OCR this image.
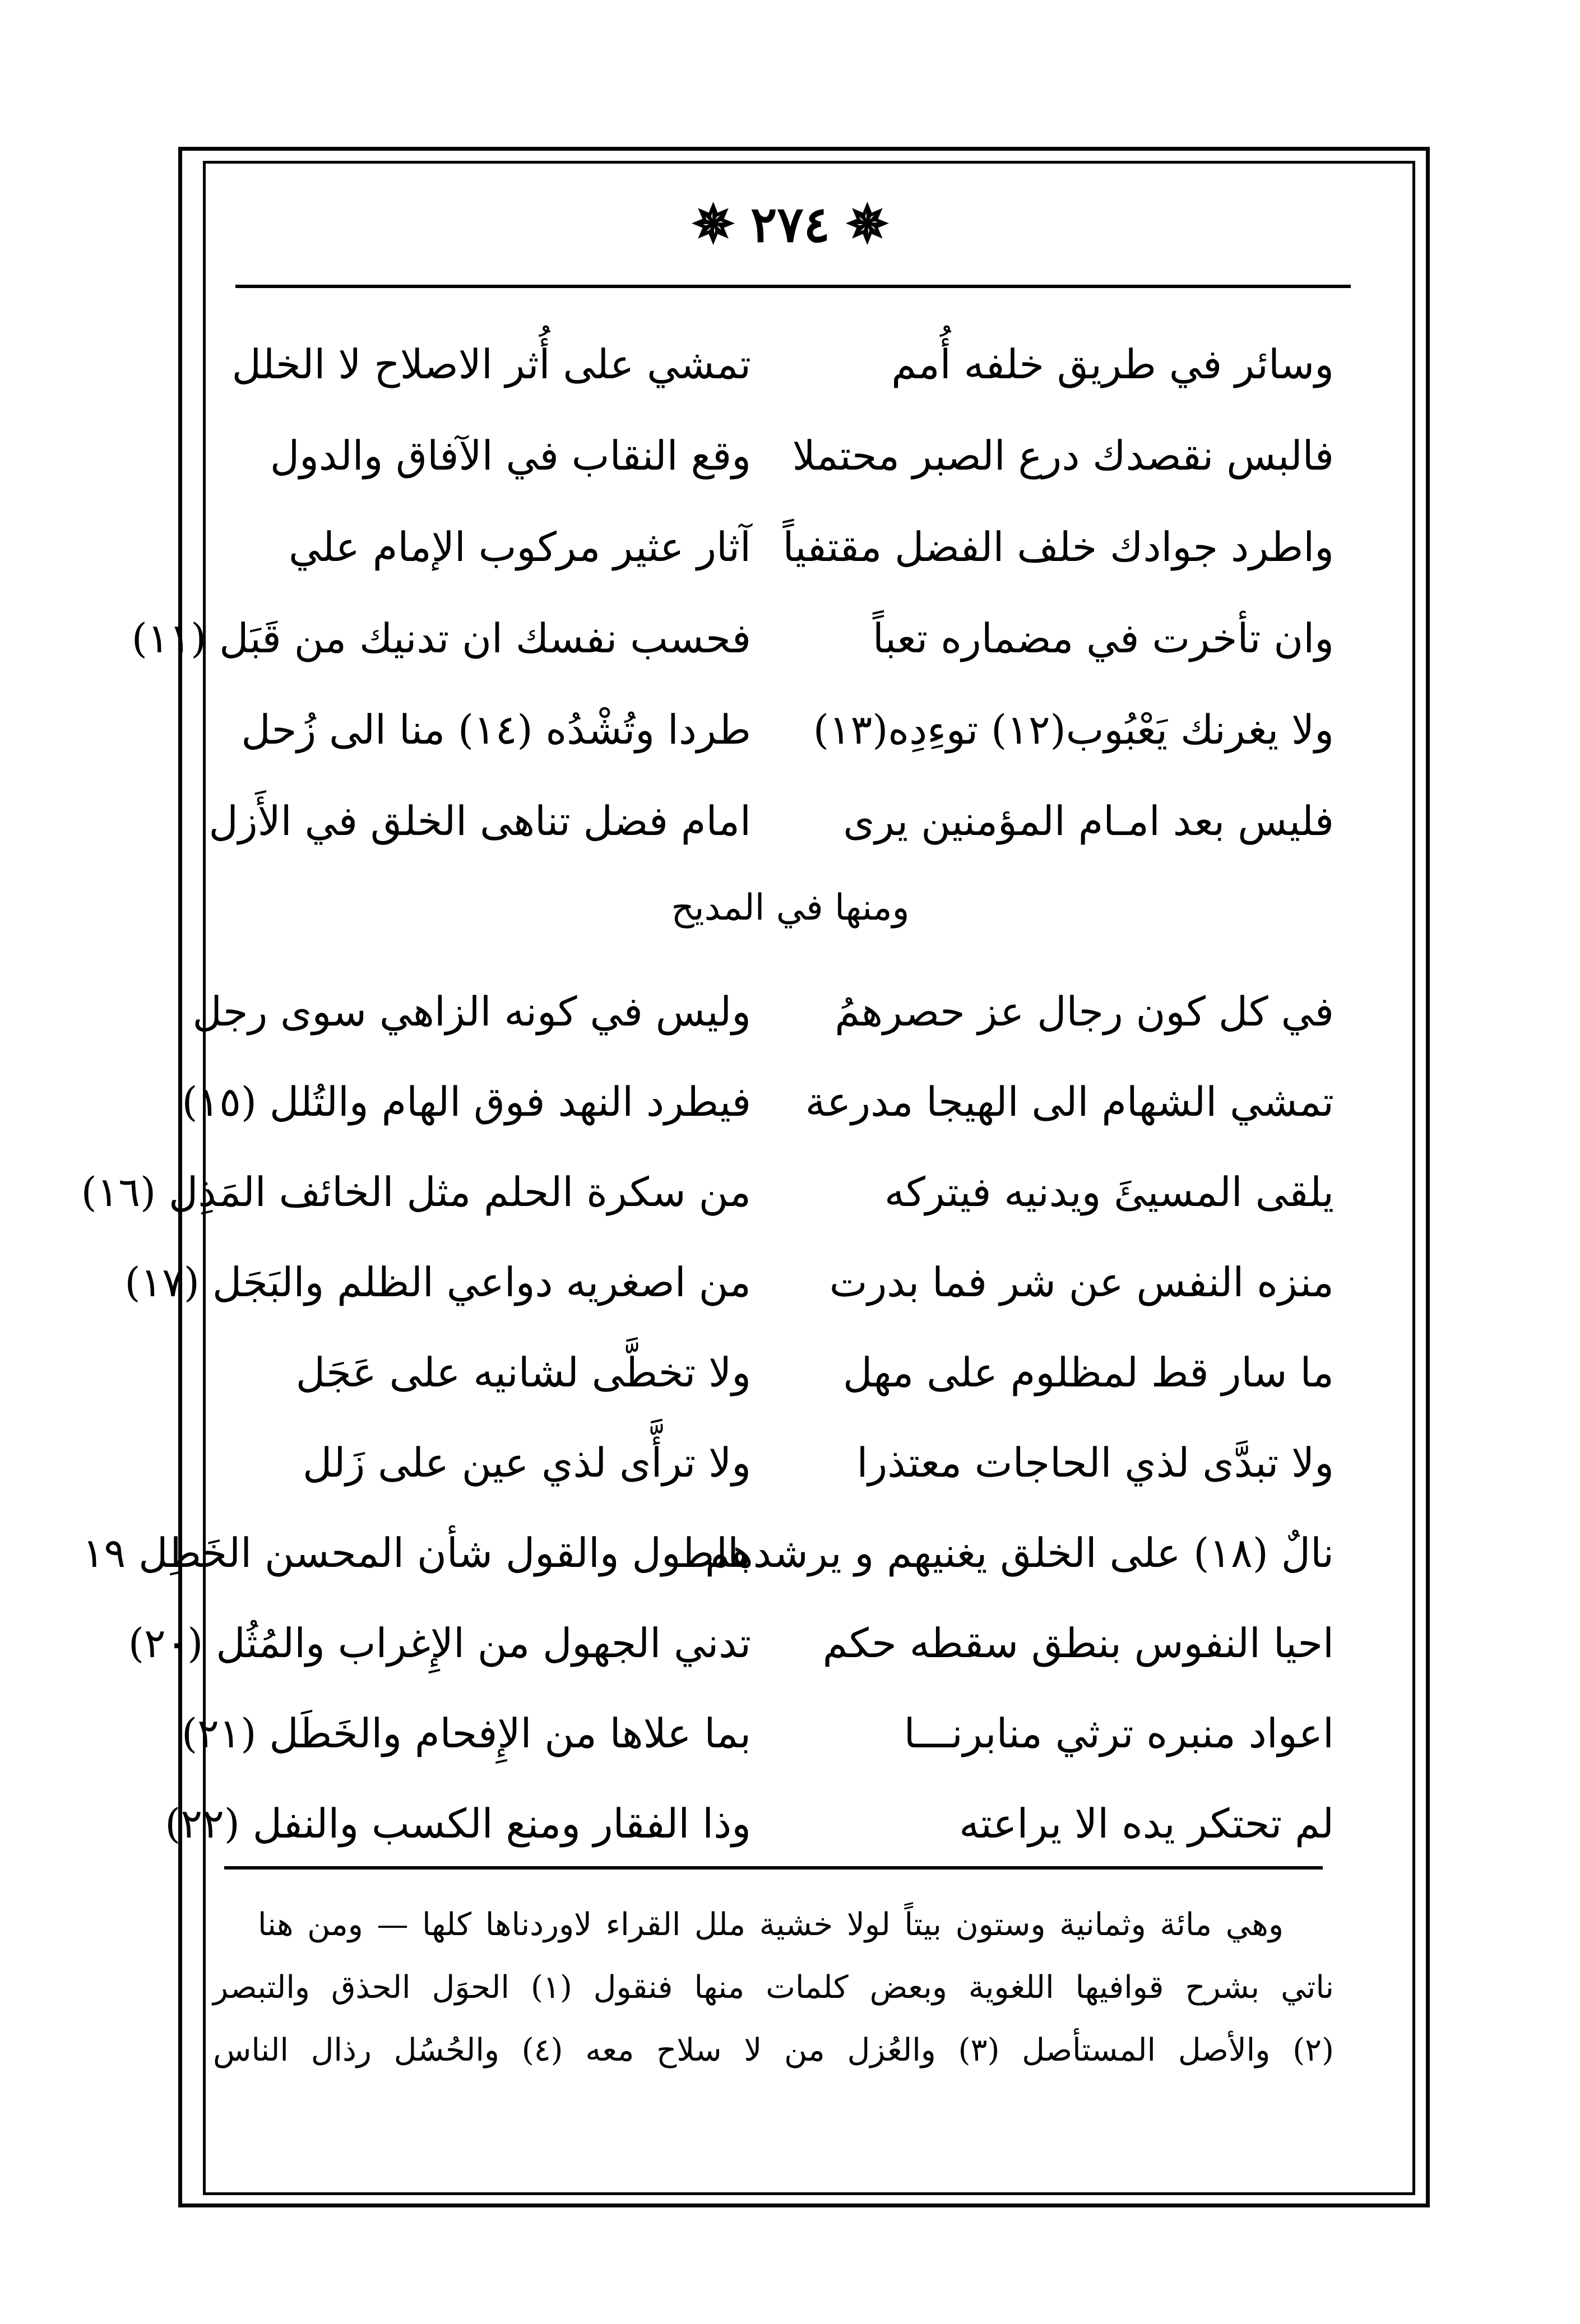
✵
٢٧٤
✵
وسائر في طريق خلفه أُمم
تمشي على أُثر الاصلاح لا الخلل
فالبس نقصدك درع الصبر محتملا
وقع النقاب في الآفاق والدول
واطرد جوادك خلف الفضل مقتفياً
آثار عثير مركوب الإمام علي
وان تأخرت في مضماره تعباً
فحسب نفسك ان تدنيك من قَبَل (١١)
ولا يغرنك يَعْبُوب(١٢) توءِدِه(١٣)
طردا وتُشْدُه (١٤) منا الى زُحل
فليس بعد امـام المؤمنين يرى
امام فضل تناهى الخلق في الأَزل
ومنها في المديح
في كل كون رجال عز حصرهمُ
وليس في كونه الزاهي سوى رجل
تمشي الشهام الى الهيجا مدرعة
فيطرد النهد فوق الهام والتُلل (١٥)
يلقى المسيئَ ويدنيه فيتركه
من سكرة الحلم مثل الخائف المَذِل (١٦)
منزه النفس عن شر فما بدرت
من اصغريه دواعي الظلم والبَجَل (١٧)
ما سار قط لمظلوم على مهل
ولا تخطَّى لشانيه على عَجَل
ولا تبدَّى لذي الحاجات معتذرا
ولا ترأَّى لذي عين على زَلل
نالٌ (١٨) على الخلق يغنيهم و يرشدهم
بالطول والقول شأن المحسن الخَطِل ١٩
احيا النفوس بنطق سقطه حكم
تدني الجهول من الإِغراب والمُثُل (٢٠)
اعواد منبره ترثي منابرنـــا
بما علاها من الإِفحام والخَطَل (٢١)
لم تحتكر يده الا يراعته
وذا الفقار ومنع الكسب والنفل (٢٢)
وهي مائة وثمانية وستون بيتاً لولا خشية ملل القراء لاوردناها كلها — ومن هنا
ناتي بشرح قوافيها اللغوية وبعض كلمات منها فنقول (١) الحوَل الحذق والتبصر
(٢) والأصل المستأصل (٣) والعُزل من لا سلاح معه (٤) والحُسُل رذال الناس
